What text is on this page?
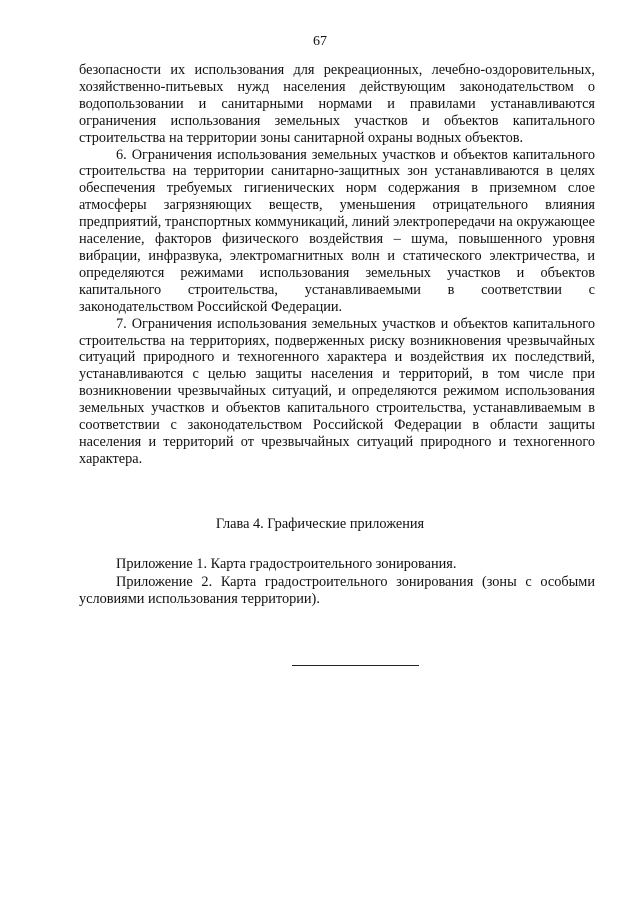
67

безопасности их использования для рекреационных, лечебно-оздоровительных, хозяйственно-питьевых нужд населения действующим законодательством о водопользовании и санитарными нормами и правилами устанавливаются ограничения использования земельных участков и объектов капитального строительства на территории зоны санитарной охраны водных объектов.

6. Ограничения использования земельных участков и объектов капитального строительства на территории санитарно-защитных зон устанавливаются в целях обеспечения требуемых гигиенических норм содержания в приземном слое атмосферы загрязняющих веществ, уменьшения отрицательного влияния предприятий, транспортных коммуникаций, линий электропередачи на окружающее население, факторов физического воздействия – шума, повышенного уровня вибрации, инфразвука, электромагнитных волн и статического электричества, и определяются режимами использования земельных участков и объектов капитального строительства, устанавливаемыми в соответствии с законодательством Российской Федерации.

7. Ограничения использования земельных участков и объектов капитального строительства на территориях, подверженных риску возникновения чрезвычайных ситуаций природного и техногенного характера и воздействия их последствий, устанавливаются с целью защиты населения и территорий, в том числе при возникновении чрезвычайных ситуаций, и определяются режимом использования земельных участков и объектов капитального строительства, устанавливаемым в соответствии с законодательством Российской Федерации в области защиты населения и территорий от чрезвычайных ситуаций природного и техногенного характера.

Глава 4. Графические приложения

Приложение 1. Карта градостроительного зонирования.

Приложение 2. Карта градостроительного зонирования (зоны с особыми условиями использования территории).
